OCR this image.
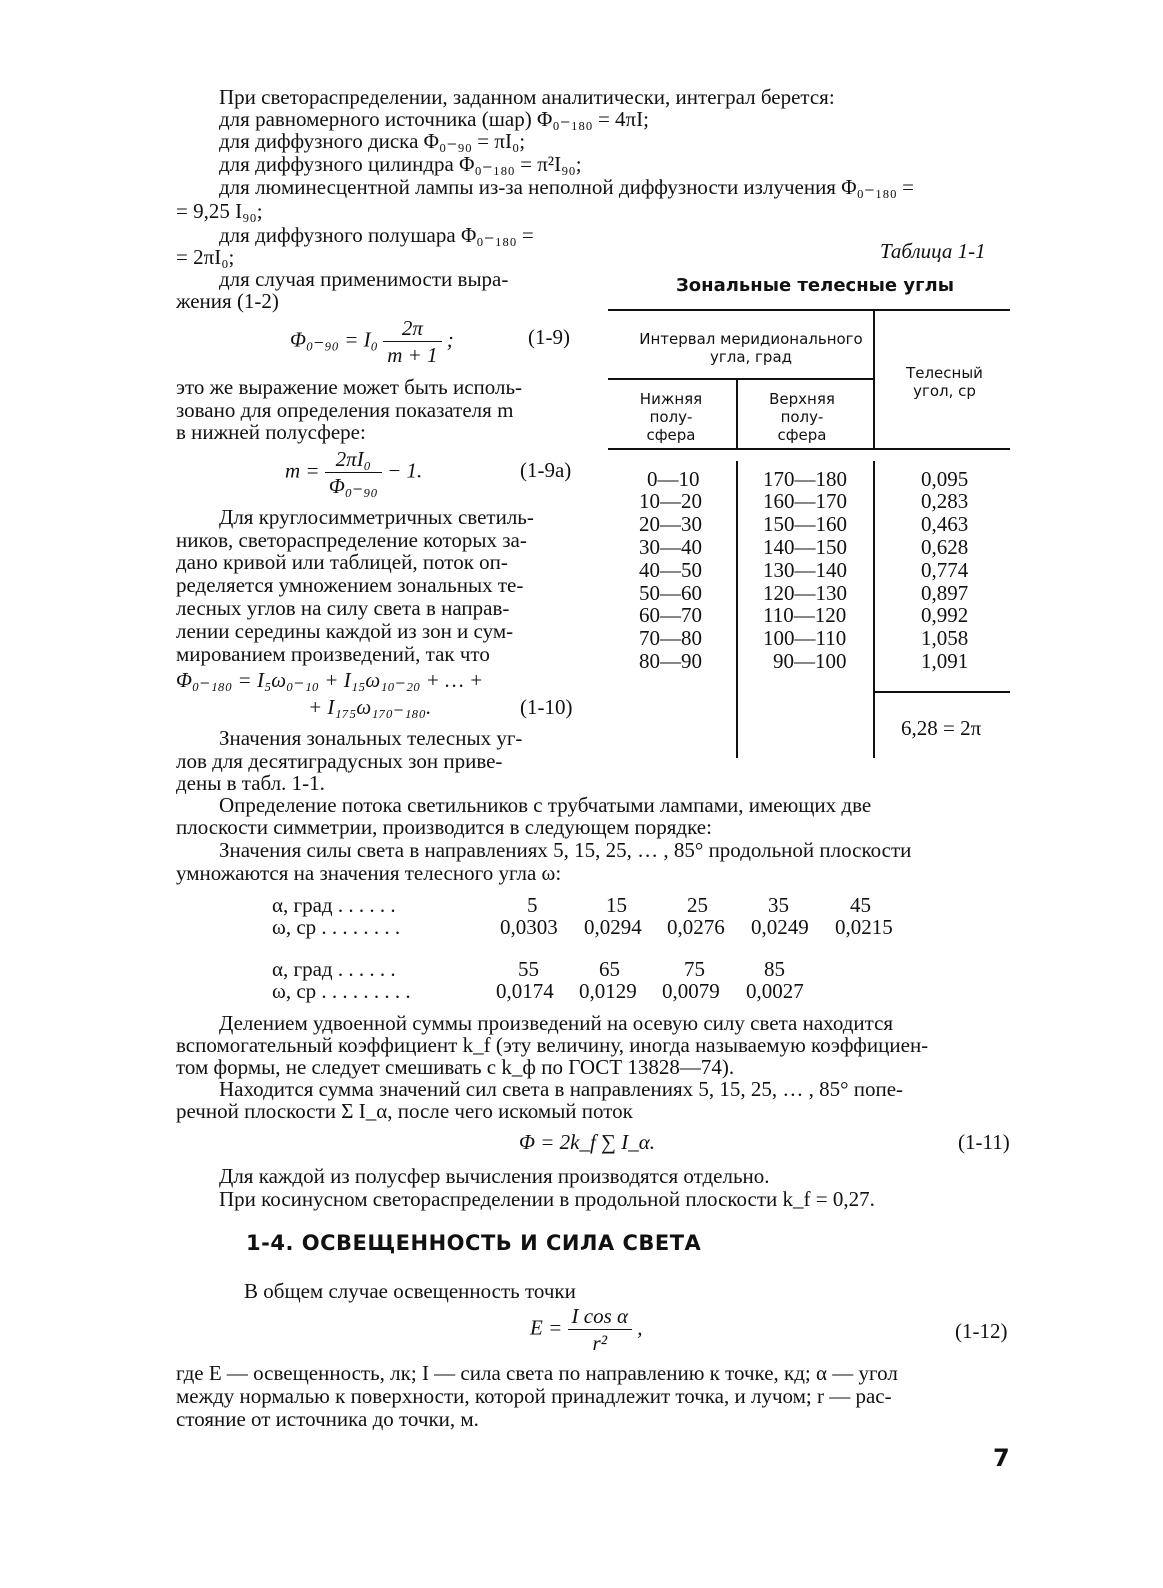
При светораспределении, заданном аналитически, интеграл берется:
для равномерного источника (шар) Φ₀₋₁₈₀ = 4πI;
для диффузного диска Φ₀₋₉₀ = πI₀;
для диффузного цилиндра Φ₀₋₁₈₀ = π²I₉₀;
для люминесцентной лампы из-за неполной диффузности излучения Φ₀₋₁₈₀ =
= 9,25 I₉₀;
для диффузного полушара Φ₀₋₁₈₀ =
= 2πI₀;
для случая применимости выра-
жения (1-2)
$\Phi_{0-90} = I_0 \frac{2\pi}{m + 1}$ ;	(1-9)
это же выражение может быть исполь-
зовано для определения показателя m
в нижней полусфере:
$m = \frac{\text{2πI₀}}{\text{Φ₀₋₉₀}} - 1$.	(1-9a)
Для круглосимметричных светиль-
ников, светораспределение которых за-
дано кривой или таблицей, поток оп-
ределяется умножением зональных те-
лесных углов на силу света в направ-
лении середины каждой из зон и сум-
мированием произведений, так что
Φ₀₋₁₈₀ = I₅ω₀₋₁₀ + I₁₅ω₁₀₋₂₀ + … +
+ I₁₇₅ω₁₇₀₋₁₈₀.	(1-10)
Значения зональных телесных уг-
лов для десятиградусных зон приве-
дены в табл. 1-1.
Таблица 1-1
Зональные телесные углы
Интервал меридионального угла, град
Нижняя полу- сфера
Верхняя полу- сфера
Телесный угол, ср
0—10	170—180	0,095
10—20	160—170	0,283
20—30	150—160	0,463
30—40	140—150	0,628
40—50	130—140	0,774
50—60	120—130	0,897
60—70	110—120	0,992
70—80	100—110	1,058
80—90	90—100	1,091
6,28 = 2π
Определение потока светильников с трубчатыми лампами, имеющих две
плоскости симметрии, производится в следующем порядке:
Значения силы света в направлениях 5, 15, 25, … , 85° продольной плоскости
умножаются на значения телесного угла ω:
α, град . . . . . .	5	15	25	35	45
ω, ср . . . . . . . .	0,0303 0,0294 0,0276 0,0249 0,0215
α, град . . . . . .	55	65	75	85
ω, ср . . . . . . . . .	0,0174 0,0129 0,0079 0,0027
Делением удвоенной суммы произведений на осевую силу света находится
вспомогательный коэффициент k_f (эту величину, иногда называемую коэффициен-
том формы, не следует смешивать с k_ф по ГОСТ 13828—74).
Находится сумма значений сил света в направлениях 5, 15, 25, … , 85° попе-
речной плоскости Σ I_α, после чего искомый поток
Φ = 2k_f ∑ I_α.	(1-11)
Для каждой из полусфер вычисления производятся отдельно.
При косинусном светораспределении в продольной плоскости k_f = 0,27.
1-4. ОСВЕЩЕННОСТЬ И СИЛА СВЕТА
В общем случае освещенность точки
$E = \frac{\text{I cos α}}{\text{r²}}$ ,	(1-12)
где E — освещенность, лк; I — сила света по направлению к точке, кд; α — угол
между нормалью к поверхности, которой принадлежит точка, и лучом; r — рас-
стояние от источника до точки, м.
7
